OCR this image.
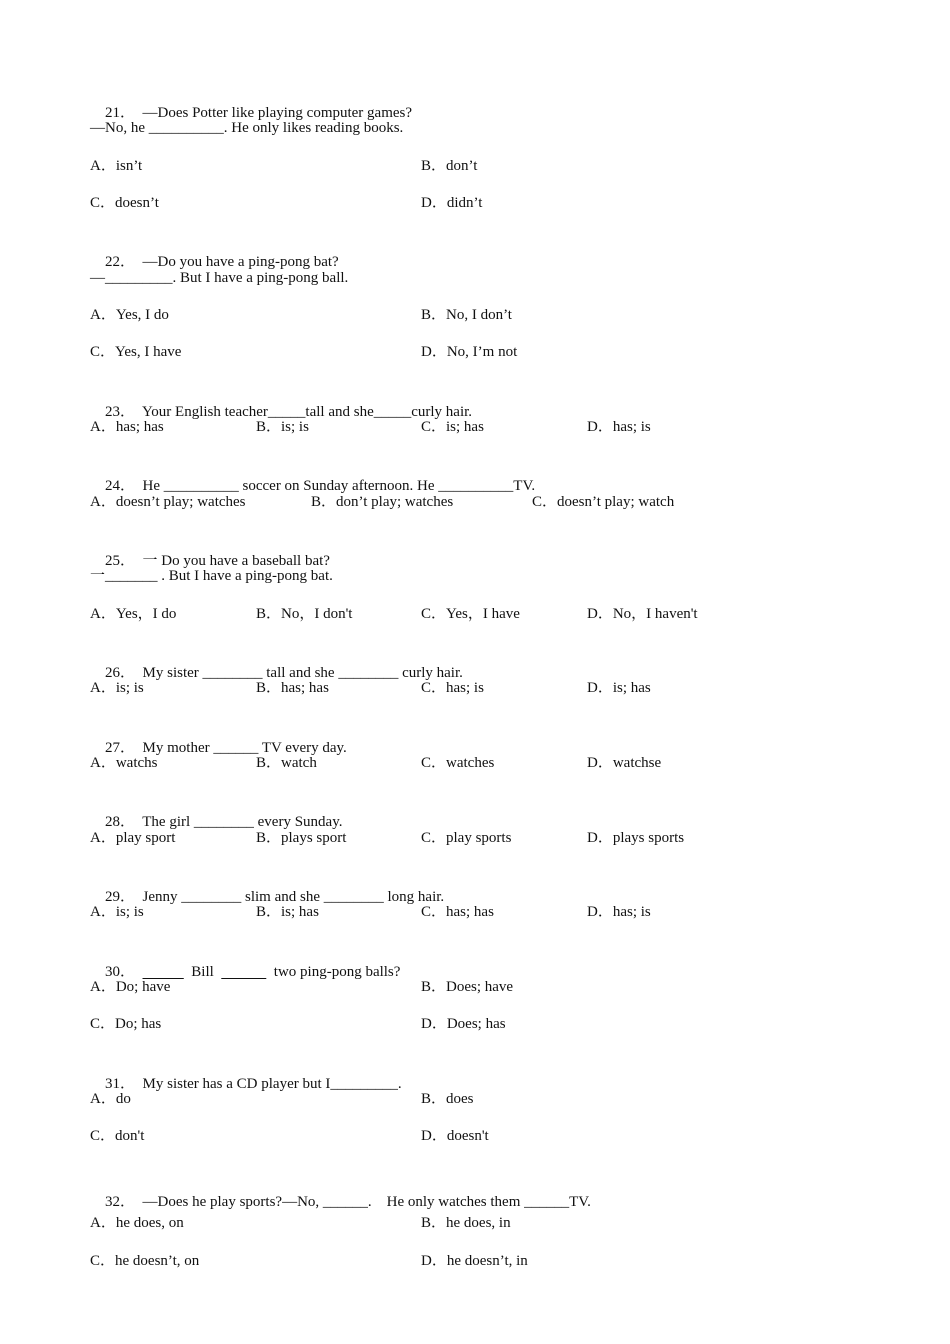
21． —Does Potter like playing computer games?

—No, he __________. He only likes reading books.
A．isn’t	B．don’t
C．doesn’t	D．didn’t

22． —Do you have a ping-pong bat?

—_________. But I have a ping-pong ball.
A．Yes, I do	B．No, I don’t
C．Yes, I have	D．No, I’m not

23． Your English teacher_____tall and she_____curly hair.

A．has; has	B．is; is	C．is; has	D．has; is

24． He __________ soccer on Sunday afternoon. He __________TV.

A．doesn’t play; watches	B．don’t play; watches	C．doesn’t play; watch

25． 一 Do you have a baseball bat?

一_______ . But I have a ping-pong bat.
A．Yes，I do	B．No，I don't	C．Yes，I have	D．No，I haven't

26． My sister ________ tall and she ________ curly hair.

A．is; is	B．has; has	C．has; is	D．is; has

27． My mother ______ TV every day.

A．watchs	B．watch	C．watches	D．watchse

28． The girl ________ every Sunday.

A．play sport	B．plays sport	C．play sports	D．plays sports

29． Jenny ________ slim and she ________ long hair.

A．is; is	B．is; has	C．has; has	D．has; is

30．	Bill	two ping-pong balls?

A．Do; have	B．Does; have
C．Do; has	D．Does; has

31． My sister has a CD player but I_________.

A．do	B．does
C．don't	D．doesn't

32． —Does he play sports?—No, ______.    He only watches them ______TV.

A．he does, on	B．he does, in
C．he doesn’t, on	D．he doesn’t, in
